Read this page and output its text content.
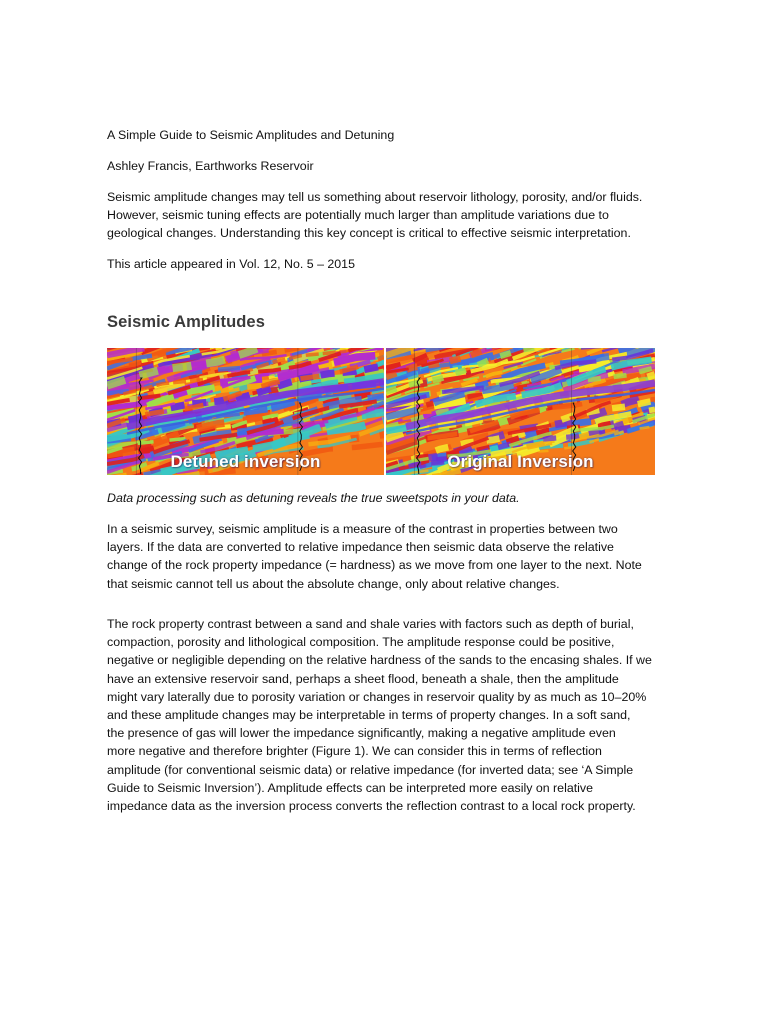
A Simple Guide to Seismic Amplitudes and Detuning

Ashley Francis, Earthworks Reservoir

Seismic amplitude changes may tell us something about reservoir lithology, porosity, and/or fluids.

However, seismic tuning effects are potentially much larger than amplitude variations due to

geological changes. Understanding this key concept is critical to effective seismic interpretation.

This article appeared in Vol. 12, No. 5 – 2015

Seismic Amplitudes
Detuned inversion	Original Inversion

Data processing such as detuning reveals the true sweetspots in your data.

In a seismic survey, seismic amplitude is a measure of the contrast in properties between two

layers. If the data are converted to relative impedance then seismic data observe the relative

change of the rock property impedance (= hardness) as we move from one layer to the next. Note

that seismic cannot tell us about the absolute change, only about relative changes.

The rock property contrast between a sand and shale varies with factors such as depth of burial,

compaction, porosity and lithological composition. The amplitude response could be positive,

negative or negligible depending on the relative hardness of the sands to the encasing shales. If we

have an extensive reservoir sand, perhaps a sheet flood, beneath a shale, then the amplitude

might vary laterally due to porosity variation or changes in reservoir quality by as much as 10–20%

and these amplitude changes may be interpretable in terms of property changes. In a soft sand,

the presence of gas will lower the impedance significantly, making a negative amplitude even

more negative and therefore brighter (Figure 1). We can consider this in terms of reflection

amplitude (for conventional seismic data) or relative impedance (for inverted data; see ‘A Simple

Guide to Seismic Inversion’). Amplitude effects can be interpreted more easily on relative

impedance data as the inversion process converts the reflection contrast to a local rock property.
